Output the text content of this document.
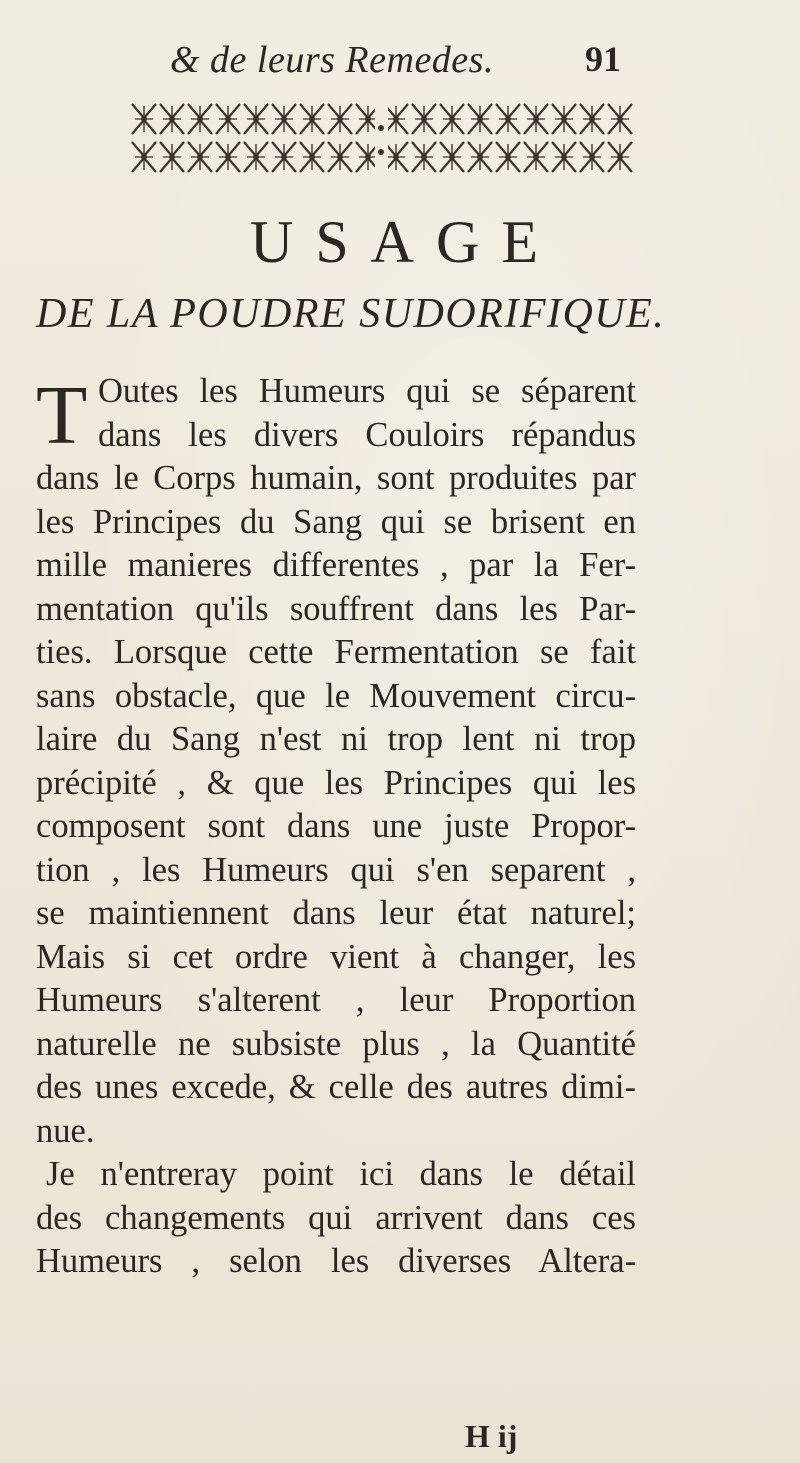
& de leurs Remedes.	91
USAGE
DE LA POUDRE SUDORIFIQUE.
T Outes les Humeurs qui se séparent
dans les divers Couloirs répandus
dans le Corps humain, sont produites par
les Principes du Sang qui se brisent en
mille manieres differentes , par la Fer-
mentation qu'ils souffrent dans les Par-
ties. Lorsque cette Fermentation se fait
sans obstacle, que le Mouvement circu-
laire du Sang n'est ni trop lent ni trop
précipité , & que les Principes qui les
composent sont dans une juste Propor-
tion , les Humeurs qui s'en separent ,
se maintiennent dans leur état naturel;
Mais si cet ordre vient à changer, les
Humeurs s'alterent , leur Proportion
naturelle ne subsiste plus , la Quantité
des unes excede, & celle des autres dimi-
nue.
Je n'entreray point ici dans le détail
des changements qui arrivent dans ces
Humeurs , selon les diverses Altera-
H ij
